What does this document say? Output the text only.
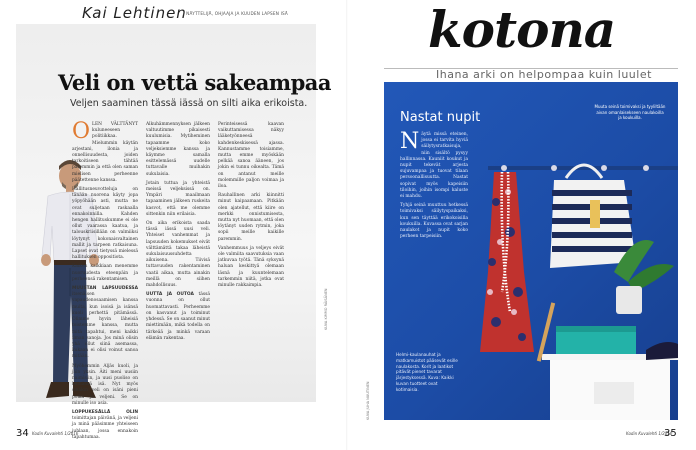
Kai Lehtinen
/ NÄYTTELIJÄ, OHJAAJA JA KUUDEN LAPSEN ISÄ
Veli on vettä sakeampaa
Veljen saaminen tässä iässä on silti aika erikoista.
O LEN VÄLTTÄNYT kuluneeseen politiikkaa. Mielummin käytän arjestani, ilonia ja onnellisuudesta, joiden tarkoitiseen tähtää paremmin ja että olen saman mielisen perheenne päätettenne kanssa.

Hallitusneuvotteluja on tänään nuorena käyty jopa yöpyöhään asti, mutta ne ovat suljetaan raskaalla ennakoinnilla. Kahden hengen hallituskumme ei ole ollut vaarassa kaatua, ja talouskriisillään on valmiiksi löytynyt kokonaisvaltainen mallit ja tarpeen ratkaisuna. Lapset ovat tietyssä mielessä hallituksen oppositiota.

Kaiken kaikkiaan menemme nuoruudesta eteenpäin ja perheensä rakentamisen.

MUUSTAN LAPSUUDESSA itsenäisen vapaudenosaamisen kanssa muita, kun isoisä ja isänsä kuoli perhettä pitämässä. Olimme hyvin läheisiä toistemme kanssa, mutta mitä tapahtui, meni kaikki ilman sanoja. Jos minä olisin yhä ollut siinä asemassa, kukaan ei olisi voinut sanoa mitään.

Myöhemmin Aljäs kuoli, ja jäin yksin. Äiti meni uusiin naimisiin, ja uusi puoliso on heinänsä isä. Nyt myös sinäkin veli on isäni pieni poika ja veljeni. Se on minulle iso asia.

LOPPUKESÄLLÄ OLIN toimittajan päivänä, ja veljeni ja minä pääsimme yhteiseen juhlaan, jossa ennakoin tapahtumaa.

Alkuhämmennyksen jälkeen valtuutimme pikaisesti kuulumisia. Mytiheminen tapaamme koko veljeksiemme kanssa ja käymme samalla esittelemässä uudelle tuttavalle muihakin sukulaisia.

Jotain tuttua ja yhteistä meissä veljeksissä on. Ympäri maailmaan tapaaminen jälkeen ruskeita kasvot, että me olemme sittenkin niin erilaisia.

On aika erikoista saada tässä iässä uusi veli. Yhteiset vanhemmat ja lapsuuden kokemukset eivät välttämättä takaa läheistä sukulaisuussuhdetta aikuisena. Tiivisä tuttavuuden rakentaminen vaatii aikaa, mutta ainakin meillä on siihen mahdollisuus.

UUTTA JA OUTOA tässä vuonna on ollut huomattavasti. Perheemme on kasvanut ja toiminut yhdessä. Se on saanut minut miettimään, mikä todella on tärkeää ja minkä varaan elämän rakentaa.

Perinteisessä kaavan vaikuttamisessa näkyy lääketyönneesä kahdenkeskisessä ajassa. Kannustamme toisiamme, mutta emme myöskään pelkää sanoa ääneen, jos jokin ei tunnu oikealta. Tämä on antanut meille molemmille paljon voimaa ja iloa.

Rauhallinen arki kiinnitti minut kaipaamaan. Pitkään olen ajatellut, että kiire on merkki onnistumisesta, mutta nyt huomaan, että olen löytänyt uuden rytmin, joka sopii meille kaikille paremmin.

Vanhemmuus ja veljeys eivät ole valmiita saavutuksia vaan jatkuvaa työtä. Tänä syksynä haluan keskittyä olemaan läsnä ja kuuntelemaan tarkemmin niitä, jotka ovat minulle rakkaimpia.

KUVA KIMMO RÄISÄNEN
34 Kodin Kuvalehti 1/2016
kotona
Ihana arki on helpompaa kuin luulet
Nastat nupit
N äytä missä eteinen, jossa ei tarvita hyviä säilytysratkaisuja, niin sisältö pysyy hallinnassa. Kauniit koukut ja nupit tekevät arjesta sujuvampaa ja tuovat tilaan persoonallisuutta. Nastat sopivat myös kapeisiin tiloihin, joihin isompi kaluste ei mahdu.

Tyhjä seinä muuttuu hetkessä toimivaksi säilytyspaikaksi, kun sen täyttää erikokoisilla koukuilla. Kuvassa ovat sarjan naulakot ja nupit koko perheen tarpeisiin.

Muuta seinä toimivaksi ja tyyliltään aivan omanlaisekseen naulakoilla ja koukuilla.
Helmi-kaulanauhat ja matkamuistot pääsevät esille naulakosta. Korit ja laatikot pitävät pienet tavarat järjestyksessä. Kuva: Kaikki kuvan tuotteet ovat kotimaisia.
KUVA JUHA NUUTINEN
Kodin Kuvalehti 1/2016
35
